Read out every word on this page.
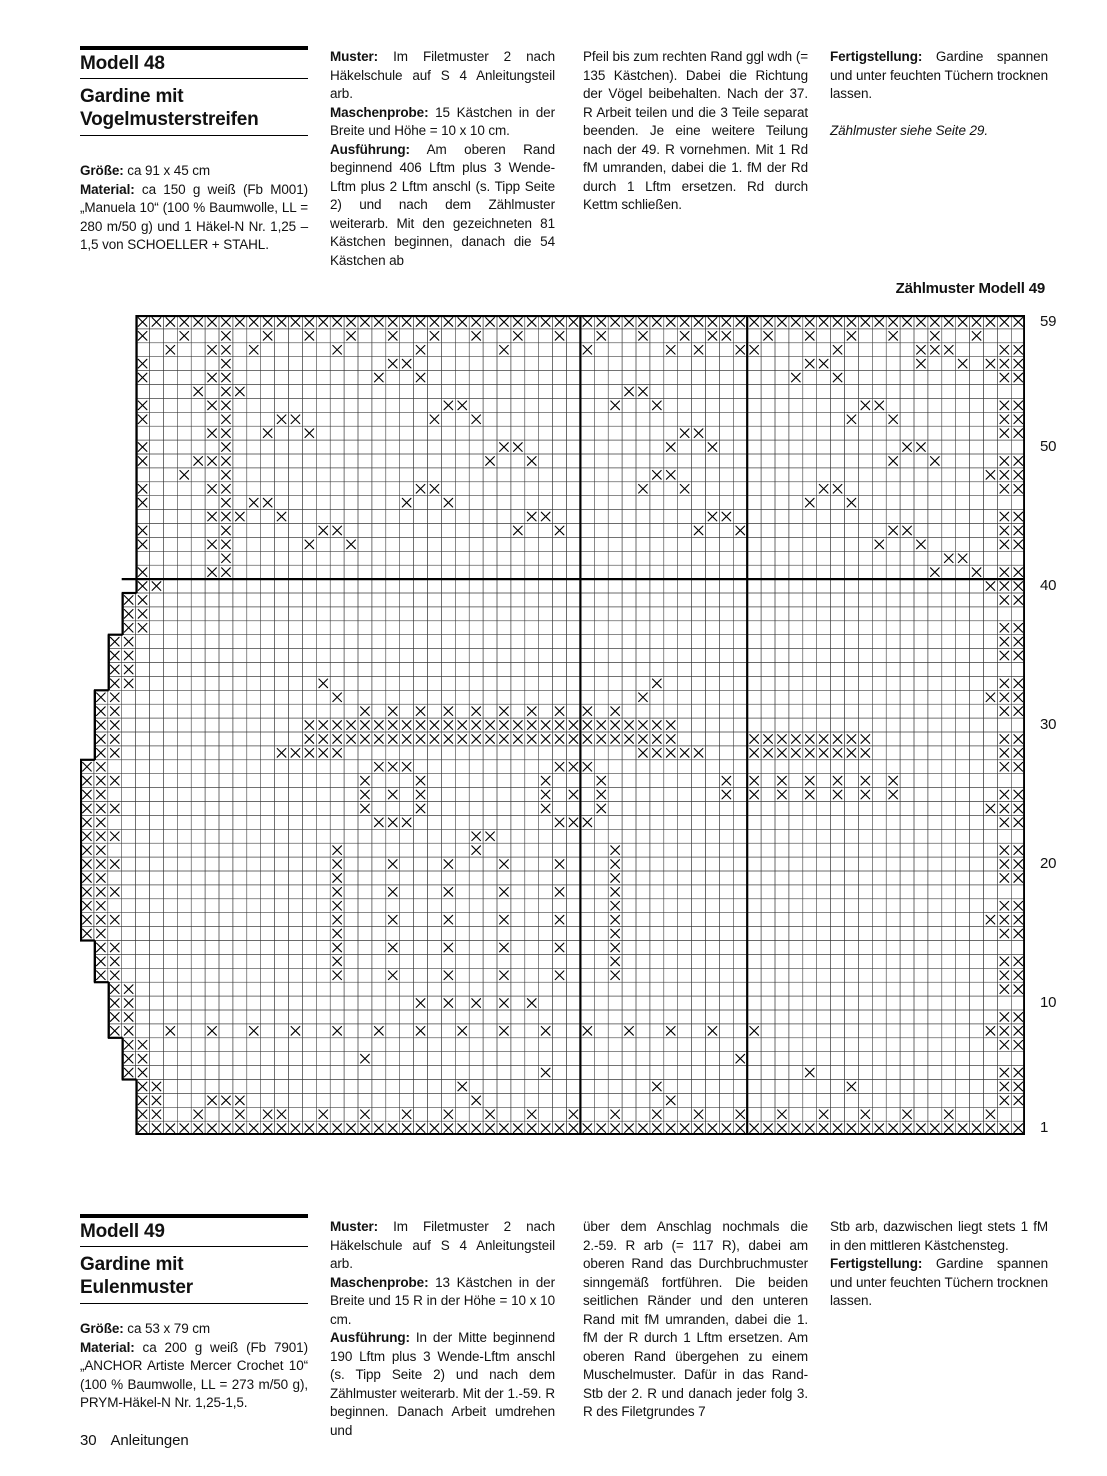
Modell 48
Gardine mit
Vogelmusterstreifen

Größe: ca 91 x 45 cm

Material: ca 150 g weiß (Fb M001) „Manuela 10“ (100 % Baumwolle, LL = 280 m/50 g) und 1 Häkel-N Nr. 1,25 – 1,5 von SCHOELLER + STAHL.

Muster: Im Filetmuster 2 nach Häkelschule auf S 4 Anleitungsteil arb.

Maschenprobe: 15 Kästchen in der Breite und Höhe = 10 x 10 cm.

Ausführung: Am oberen Rand beginnend 406 Lftm plus 3 Wende-Lftm plus 2 Lftm anschl (s. Tipp Seite 2) und nach dem Zählmuster weiterarb. Mit den gezeichneten 81 Kästchen beginnen, danach die 54 Kästchen ab

Pfeil bis zum rechten Rand ggl wdh (= 135 Kästchen). Dabei die Richtung der Vögel beibehalten. Nach der 37. R Arbeit teilen und die 3 Teile separat beenden. Je eine weitere Teilung nach der 49. R vornehmen. Mit 1 Rd fM umranden, dabei die 1. fM der Rd durch 1 Lftm ersetzen. Rd durch Kettm schließen.

Fertigstellung: Gardine spannen und unter feuchten Tüchern trocknen lassen.

Zählmuster siehe Seite 29.

Zählmuster Modell 49
59
50
40
30
20
10
1
Modell 49
Gardine mit
Eulenmuster

Größe: ca 53 x 79 cm

Material: ca 200 g weiß (Fb 7901) „ANCHOR Artiste Mercer Crochet 10“ (100 % Baumwolle, LL = 273 m/50 g), PRYM-Häkel-N Nr. 1,25-1,5.

Muster: Im Filetmuster 2 nach Häkelschule auf S 4 Anleitungsteil arb.

Maschenprobe: 13 Kästchen in der Breite und 15 R in der Höhe = 10 x 10 cm.

Ausführung: In der Mitte beginnend 190 Lftm plus 3 Wende-Lftm anschl (s. Tipp Seite 2) und nach dem Zählmuster weiterarb. Mit der 1.-59. R beginnen. Danach Arbeit umdrehen und

über dem Anschlag nochmals die 2.-59. R arb (= 117 R), dabei am oberen Rand das Durchbruchmuster sinngemäß fortführen. Die beiden seitlichen Ränder und den unteren Rand mit fM umranden, dabei die 1. fM der R durch 1 Lftm ersetzen. Am oberen Rand übergehen zu einem Muschelmuster. Dafür in das Rand-Stb der 2. R und danach jeder folg 3. R des Filetgrundes 7

Stb arb, dazwischen liegt stets 1 fM in den mittleren Kästchensteg.

Fertigstellung: Gardine spannen und unter feuchten Tüchern trocknen lassen.

30 Anleitungen
